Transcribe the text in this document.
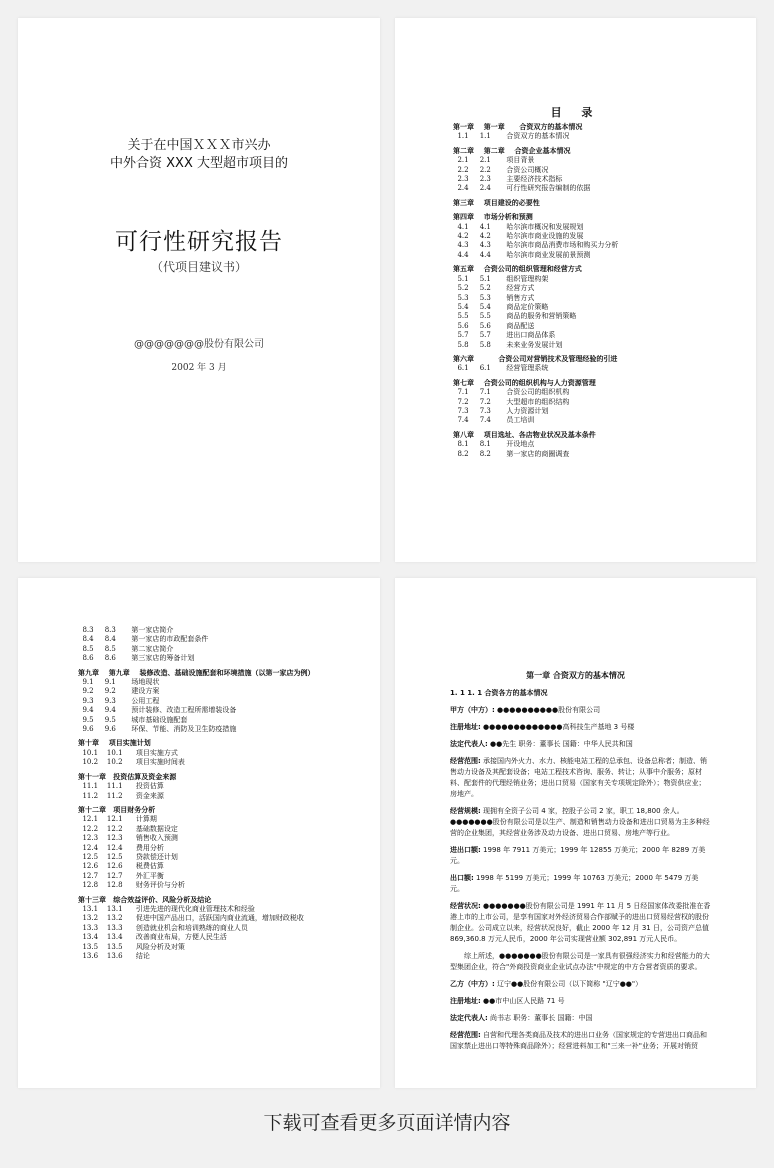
关于在中国ＸＸＸ市兴办
中外合资 XXX 大型超市项目的
可行性研究报告
（代项目建议书）
@@@@@@@股份有限公司
2002 年 3 月
目 录
第一章    第一章      合资双方的基本情况
1.1     1.1       合资双方的基本情况
第二章    第二章    合资企业基本情况
2.1     2.1       项目背景
2.2     2.2       合资公司概况
2.3     2.3       主要经济技术指标
2.4     2.4       可行性研究报告编制的依据
第三章    项目建设的必要性
第四章    市场分析和预测
4.1     4.1       哈尔滨市概况和发展规划
4.2     4.2       哈尔滨市商业设施的发展
4.3     4.3       哈尔滨市商品消费市场和购买力分析
4.4     4.4       哈尔滨市商业发展前景预测
第五章    合资公司的组织管理和经营方式
5.1     5.1       组织管理构架
5.2     5.2       经营方式
5.3     5.3       销售方式
5.4     5.4       商品定价策略
5.5     5.5       商品的服务和营销策略
5.6     5.6       商品配送
5.7     5.7       进出口商品体系
5.8     5.8       未来业务发展计划
第六章          合资公司对营销技术及管理经验的引进
6.1     6.1       经营管理系统
第七章    合资公司的组织机构与人力资源管理
7.1     7.1       合资公司的组织机构
7.2     7.2       大型超市的组织结构
7.3     7.3       人力资源计划
7.4     7.4       员工培训
第八章    项目选址、各店物业状况及基本条件
8.1     8.1       开设地点
8.2     8.2       第一家店的商圈调查
8.3     8.3       第一家店简介
8.4     8.4       第一家店的市政配套条件
8.5     8.5       第二家店简介
8.6     8.6       第三家店的筹备计划
第九章    第九章    装修改造、基础设施配套和环境措施（以第一家店为例）
9.1     9.1       场地现状
9.2     9.2       建设方案
9.3     9.3       公用工程
9.4     9.4       预计装修、改造工程所需增装设备
9.5     9.5       城市基础设施配套
9.6     9.6       环保、节能、消防及卫生防疫措施
第十章    项目实施计划
10.1    10.1      项目实施方式
10.2    10.2      项目实施时间表
第十一章   投资估算及资金来源
11.1    11.1      投资估算
11.2    11.2      资金来源
第十二章   项目财务分析
12.1    12.1      计算期
12.2    12.2      基础数据设定
12.3    12.3      销售收入预测
12.4    12.4      费用分析
12.5    12.5      贷款偿还计划
12.6    12.6      税费估算
12.7    12.7      外汇平衡
12.8    12.8      财务评价与分析
第十三章   综合效益评价、风险分析及结论
13.1    13.1      引进先进的现代化商业管理技术和经验
13.2    13.2      促进中国产品出口，活跃国内商业流通，增加财政税收
13.3    13.3      创造就业机会和培训熟练的商业人员
13.4    13.4      改善商业布局，方便人民生活
13.5    13.5      风险分析及对策
13.6    13.6      结论
第一章 合资双方的基本情况
1. 1 1. 1 合资各方的基本情况
甲方（中方）: ●●●●●●●●●●股份有限公司
注册地址: ●●●●●●●●●●●●●高科技生产基地 3 号楼
法定代表人: ●●先生 职务：董事长 国籍：中华人民共和国
经营范围: 承接国内外火力、水力、核能电站工程的总承包、设备总称者；制造、销售动力设备及其配套设备；电站工程技术咨询、服务、转让；从事中介服务；原材料、配套件的代理经销业务；进出口贸易（国家有关专项规定除外）；物资供应业；房地产。
经营规模: 现拥有全资子公司 4 家，控股子公司 2 家，职工 18,800 余人。●●●●●●●股份有限公司是以生产、制造和销售动力设备和进出口贸易为主多种经营的企业集团，其经营业务涉及动力设备、进出口贸易、房地产等行业。
进出口额: 1998 年 7911 万美元；1999 年 12855 万美元；2000 年 8289 万美元。
出口额: 1998 年 5199 万美元；1999 年 10763 万美元；2000 年 5479 万美元。
经营状况: ●●●●●●●股份有限公司是 1991 年 11 月 5 日经国家体改委批准在香港上市的上市公司，是享有国家对外经济贸易合作部赋予的进出口贸易经营权的股份制企业。公司成立以来，经营状况良好，截止 2000 年 12 月 31 日，公司资产总值 869,360.8 万元人民币，2000 年公司实现营业额 302,891 万元人民币。
综上所述，●●●●●●●股份有限公司是一家具有很强经济实力和经营能力的大型集团企业，符合"外商投资商业企业试点办法"中规定的中方合营者资质的要求。
乙方（中方）: 辽宁●●股份有限公司（以下简称 "辽宁●●"）
注册地址: ●●市中山区人民路 71 号
法定代表人: 尚书志 职务：董事长 国籍：中国
经营范围: 自营和代理各类商品及技术的进出口业务（国家规定的专营进出口商品和国家禁止进出口等特殊商品除外）；经营进料加工和"三来一补"业务；开展对销贸
下载可查看更多页面详情内容
